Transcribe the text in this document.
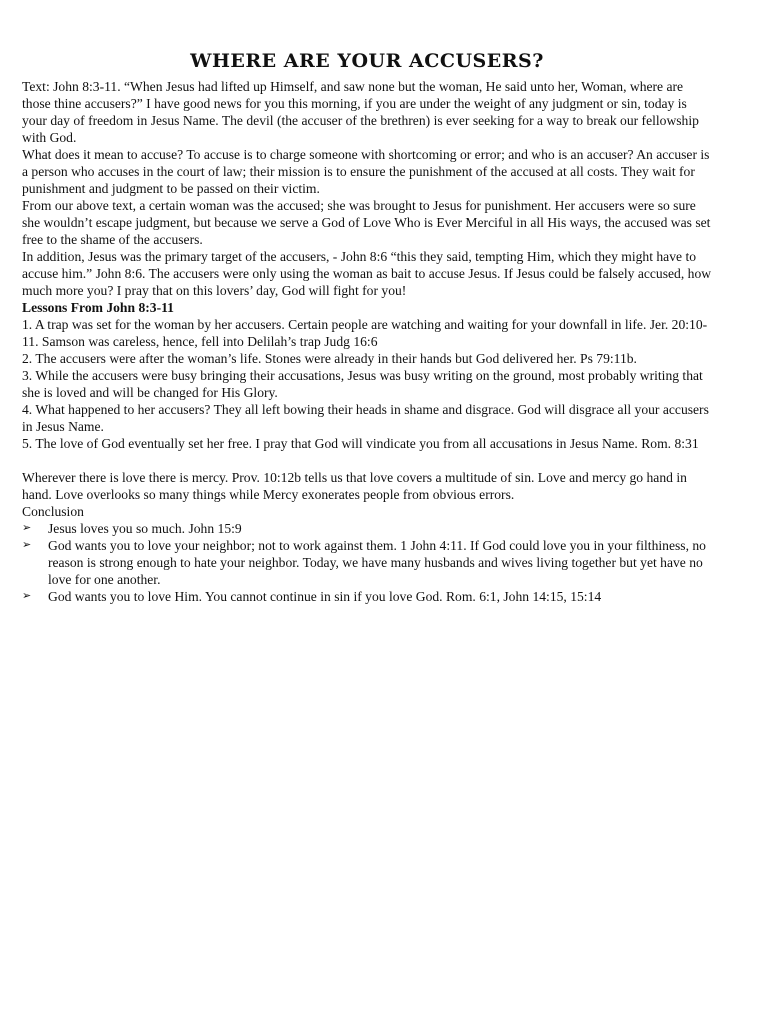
WHERE ARE YOUR ACCUSERS?

Text: John 8:3-11. “When Jesus had lifted up Himself, and saw none but the woman, He said unto her, Woman, where are those thine accusers?” I have good news for you this morning, if you are under the weight of any judgment or sin, today is your day of freedom in Jesus Name. The devil (the accuser of the brethren) is ever seeking for a way to break our fellowship with God.

What does it mean to accuse? To accuse is to charge someone with shortcoming or error; and who is an accuser? An accuser is a person who accuses in the court of law; their mission is to ensure the punishment of the accused at all costs. They wait for punishment and judgment to be passed on their victim.

From our above text, a certain woman was the accused; she was brought to Jesus for punishment. Her accusers were so sure she wouldn’t escape judgment, but because we serve a God of Love Who is Ever Merciful in all His ways, the accused was set free to the shame of the accusers.

In addition, Jesus was the primary target of the accusers, - John 8:6 “this they said, tempting Him, which they might have to accuse him.” John 8:6. The accusers were only using the woman as bait to accuse Jesus. If Jesus could be falsely accused, how much more you? I pray that on this lovers’ day, God will fight for you!

Lessons From John 8:3-11

1. A trap was set for the woman by her accusers. Certain people are watching and waiting for your downfall in life. Jer. 20:10-11. Samson was careless, hence, fell into Delilah’s trap Judg 16:6

2. The accusers were after the woman’s life. Stones were already in their hands but God delivered her. Ps 79:11b.

3. While the accusers were busy bringing their accusations, Jesus was busy writing on the ground, most probably writing that she is loved and will be changed for His Glory.

4. What happened to her accusers? They all left bowing their heads in shame and disgrace. God will disgrace all your accusers in Jesus Name.

5. The love of God eventually set her free. I pray that God will vindicate you from all accusations in Jesus Name. Rom. 8:31

Wherever there is love there is mercy. Prov. 10:12b tells us that love covers a multitude of sin. Love and mercy go hand in hand. Love overlooks so many things while Mercy exonerates people from obvious errors.

Conclusion

➢	Jesus loves you so much. John 15:9
➢	God wants you to love your neighbor; not to work against them. 1 John 4:11. If God could love you in your filthiness, no reason is strong enough to hate your neighbor. Today, we have many husbands and wives living together but yet have no love for one another.
➢	God wants you to love Him. You cannot continue in sin if you love God. Rom. 6:1, John 14:15, 15:14
